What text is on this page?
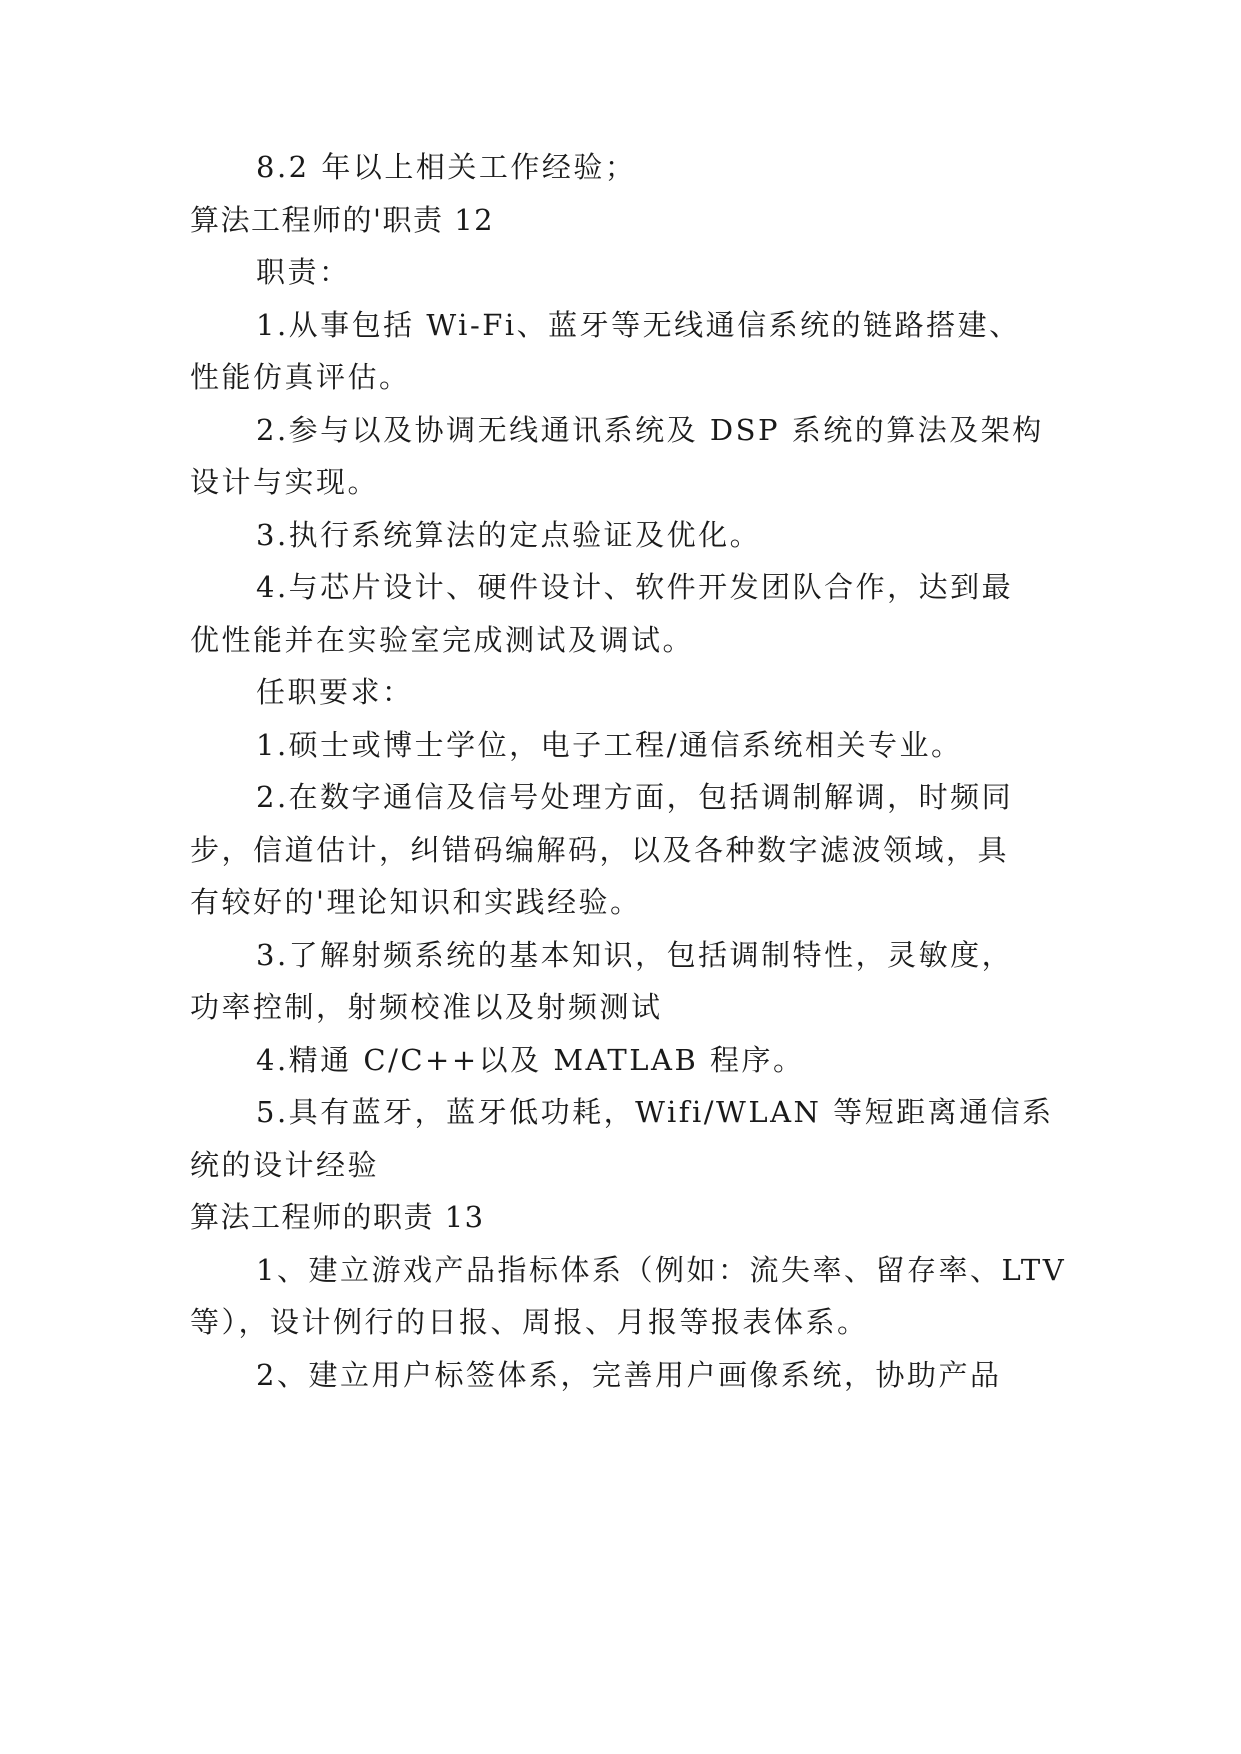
8.2 年以上相关工作经验；

算法工程师的'职责 12

职责：

1.从事包括 Wi-Fi、蓝牙等无线通信系统的链路搭建、

性能仿真评估。

2.参与以及协调无线通讯系统及 DSP 系统的算法及架构

设计与实现。

3.执行系统算法的定点验证及优化。

4.与芯片设计、硬件设计、软件开发团队合作，达到最

优性能并在实验室完成测试及调试。

任职要求：

1.硕士或博士学位，电子工程/通信系统相关专业。

2.在数字通信及信号处理方面，包括调制解调，时频同

步，信道估计，纠错码编解码，以及各种数字滤波领域，具

有较好的'理论知识和实践经验。

3.了解射频系统的基本知识，包括调制特性，灵敏度，

功率控制，射频校准以及射频测试

4.精通 C/C++以及 MATLAB 程序。

5.具有蓝牙，蓝牙低功耗，Wifi/WLAN 等短距离通信系

统的设计经验

算法工程师的职责 13

1、建立游戏产品指标体系（例如：流失率、留存率、LTV

等），设计例行的日报、周报、月报等报表体系。

2、建立用户标签体系，完善用户画像系统，协助产品
